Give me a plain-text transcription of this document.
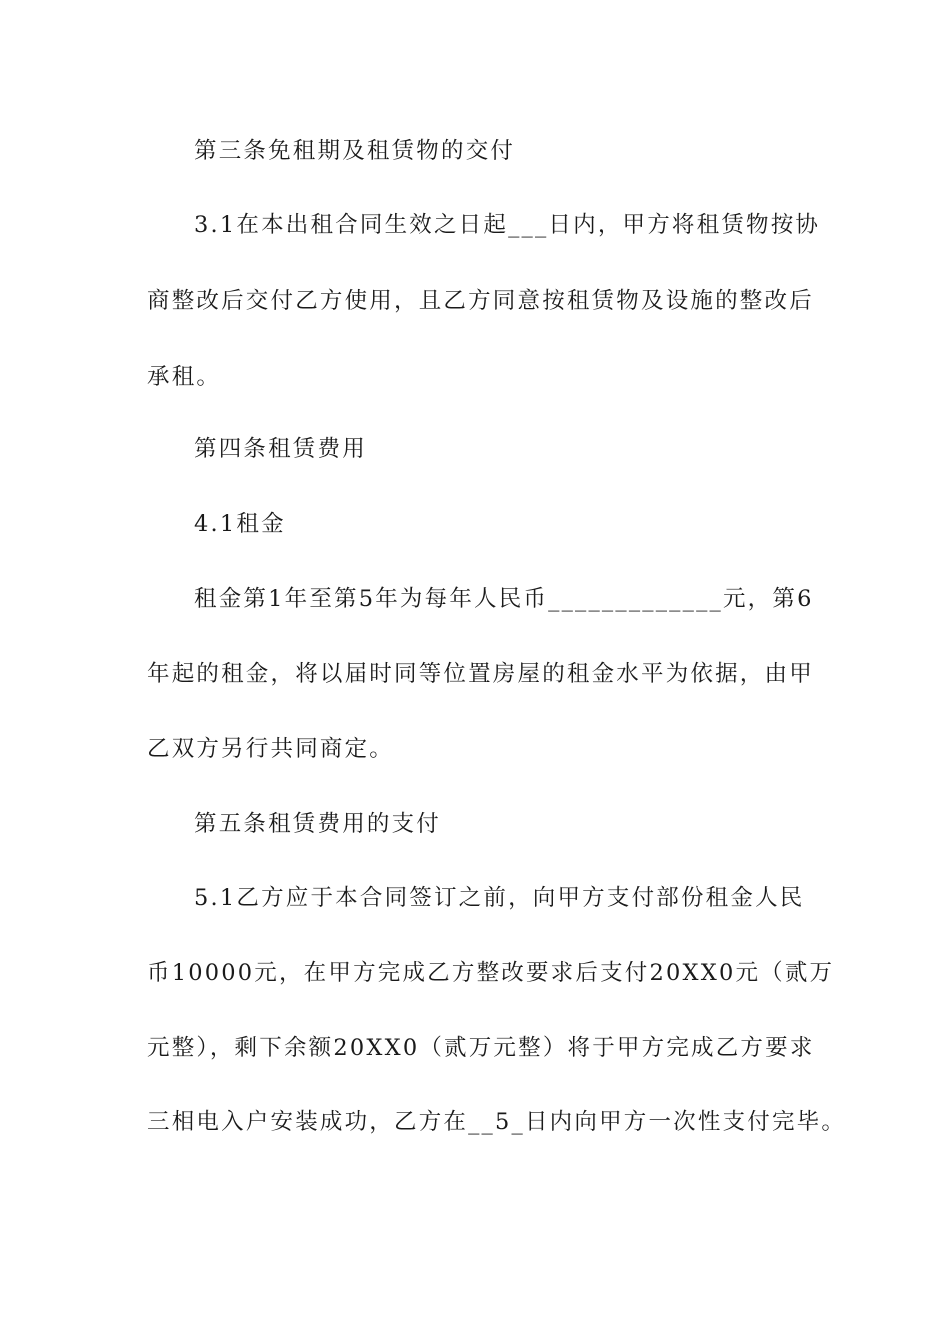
第三条免租期及租赁物的交付
3.1在本出租合同生效之日起___日内，甲方将租赁物按协
商整改后交付乙方使用，且乙方同意按租赁物及设施的整改后
承租。
第四条租赁费用
4.1租金
租金第1年至第5年为每年人民币_____________元，第6
年起的租金，将以届时同等位置房屋的租金水平为依据，由甲
乙双方另行共同商定。
第五条租赁费用的支付
5.1乙方应于本合同签订之前，向甲方支付部份租金人民
币10000元，在甲方完成乙方整改要求后支付20XX0元（贰万
元整），剩下余额20XX0（贰万元整）将于甲方完成乙方要求
三相电入户安装成功，乙方在__5_日内向甲方一次性支付完毕。
